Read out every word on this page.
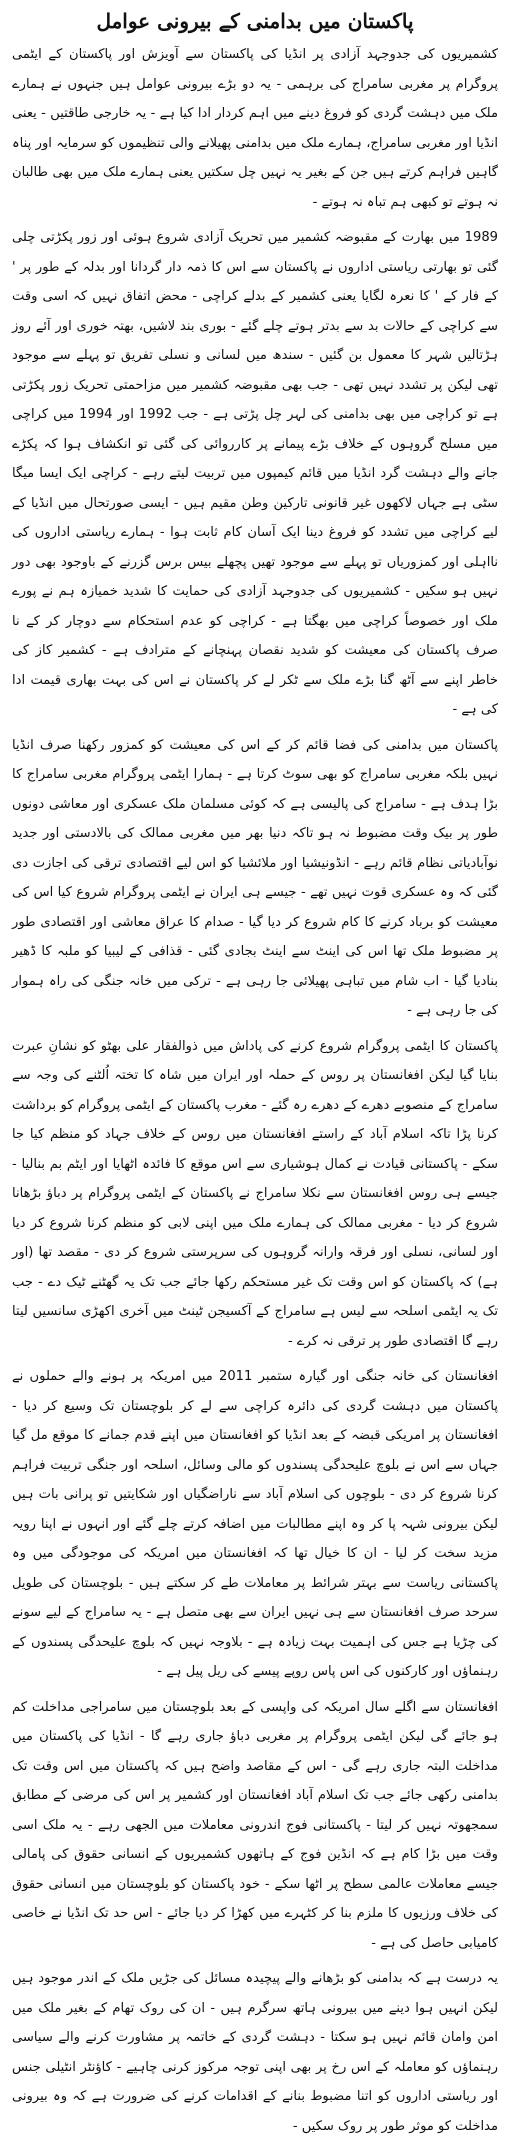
پاکستان میں بدامنی کے بیرونی عوامل

کشمیریوں کی جدوجہد آزادی پر انڈیا کی پاکستان سے آویزش اور پاکستان کے ایٹمی پروگرام پر مغربی سامراج کی برہمی - یہ دو بڑے بیرونی عوامل ہیں جنہوں نے ہمارے ملک میں دہشت گردی کو فروغ دینے میں اہم کردار ادا کیا ہے - یہ خارجی طاقتیں - یعنی انڈیا اور مغربی سامراج، ہمارے ملک میں بدامنی پھیلانے والی تنظیموں کو سرمایہ اور پناہ گاہیں فراہم کرتے ہیں جن کے بغیر یہ نہیں چل سکتیں یعنی ہمارے ملک میں بھی طالبان نہ ہوتے تو کبھی ہم تباہ نہ ہوتے -

1989 میں بھارت کے مقبوضہ کشمیر میں تحریک آزادی شروع ہوئی اور زور پکڑتی چلی گئی تو بھارتی ریاستی اداروں نے پاکستان سے اس کا ذمہ دار گردانا اور بدلہ کے طور پر ' کے فار کے ' کا نعرہ لگایا یعنی کشمیر کے بدلے کراچی - محض اتفاق نہیں کہ اسی وقت سے کراچی کے حالات بد سے بدتر ہوتے چلے گئے - بوری بند لاشیں، بھتہ خوری اور آئے روز ہڑتالیں شہر کا معمول بن گئیں - سندھ میں لسانی و نسلی تفریق تو پہلے سے موجود تھی لیکن پر تشدد نہیں تھی - جب بھی مقبوضہ کشمیر میں مزاحمتی تحریک زور پکڑتی ہے تو کراچی میں بھی بدامنی کی لہر چل پڑتی ہے - جب 1992 اور 1994 میں کراچی میں مسلح گروہوں کے خلاف بڑے پیمانے پر کارروائی کی گئی تو انکشاف ہوا کہ پکڑے جانے والے دہشت گرد انڈیا میں قائم کیمپوں میں تربیت لیتے رہے - کراچی ایک ایسا میگا سٹی ہے جہاں لاکھوں غیر قانونی تارکین وطن مقیم ہیں - ایسی صورتحال میں انڈیا کے لیے کراچی میں تشدد کو فروغ دینا ایک آسان کام ثابت ہوا - ہمارے ریاستی اداروں کی نااہلی اور کمزوریاں تو پہلے سے موجود تھیں پچھلے بیس برس گزرنے کے باوجود بھی دور نہیں ہو سکیں - کشمیریوں کی جدوجہد آزادی کی حمایت کا شدید خمیازہ ہم نے پورے ملک اور خصوصاً کراچی میں بھگتا ہے - کراچی کو عدم استحکام سے دوچار کر کے نا صرف پاکستان کی معیشت کو شدید نقصان پہنچانے کے مترادف ہے - کشمیر کاز کی خاطر اپنے سے آٹھ گنا بڑے ملک سے ٹکر لے کر پاکستان نے اس کی بہت بھاری قیمت ادا کی ہے -

پاکستان میں بدامنی کی فضا قائم کر کے اس کی معیشت کو کمزور رکھنا صرف انڈیا نہیں بلکہ مغربی سامراج کو بھی سوٹ کرتا ہے - ہمارا ایٹمی پروگرام مغربی سامراج کا بڑا ہدف ہے - سامراج کی پالیسی ہے کہ کوئی مسلمان ملک عسکری اور معاشی دونوں طور پر بیک وقت مضبوط نہ ہو تاکہ دنیا بھر میں مغربی ممالک کی بالادستی اور جدید نوآبادیاتی نظام قائم رہے - انڈونیشیا اور ملائشیا کو اس لیے اقتصادی ترقی کی اجازت دی گئی کہ وہ عسکری قوت نہیں تھے - جیسے ہی ایران نے ایٹمی پروگرام شروع کیا اس کی معیشت کو برباد کرنے کا کام شروع کر دیا گیا - صدام کا عراق معاشی اور اقتصادی طور پر مضبوط ملک تھا اس کی اینٹ سے اینٹ بجادی گئی - قذافی کے لیبیا کو ملبہ کا ڈھیر بنادیا گیا - اب شام میں تباہی پھیلائی جا رہی ہے - ترکی میں خانہ جنگی کی راہ ہموار کی جا رہی ہے -

پاکستان کا ایٹمی پروگرام شروع کرنے کی پاداش میں ذوالفقار علی بھٹو کو نشانِ عبرت بنایا گیا لیکن افغانستان پر روس کے حملہ اور ایران میں شاہ کا تختہ اُلٹنے کی وجہ سے سامراج کے منصوبے دھرے کے دھرے رہ گئے - مغرب پاکستان کے ایٹمی پروگرام کو برداشت کرنا پڑا تاکہ اسلام آباد کے راستے افغانستان میں روس کے خلاف جہاد کو منظم کیا جا سکے - پاکستانی قیادت نے کمال ہوشیاری سے اس موقع کا فائدہ اٹھایا اور ایٹم بم بنالیا - جیسے ہی روس افغانستان سے نکلا سامراج نے پاکستان کے ایٹمی پروگرام پر دباؤ بڑھانا شروع کر دیا - مغربی ممالک کی ہمارے ملک میں اپنی لابی کو منظم کرنا شروع کر دیا اور لسانی، نسلی اور فرقہ وارانہ گروہوں کی سرپرستی شروع کر دی - مقصد تھا (اور ہے) کہ پاکستان کو اس وقت تک غیر مستحکم رکھا جائے جب تک یہ گھٹنے ٹیک دے - جب تک یہ ایٹمی اسلحہ سے لیس ہے سامراج کے آکسیجن ٹینٹ میں آخری اکھڑی سانسیں لیتا رہے گا اقتصادی طور پر ترقی نہ کرے -

افغانستان کی خانہ جنگی اور گیارہ ستمبر 2011 میں امریکہ پر ہونے والے حملوں نے پاکستان میں دہشت گردی کی دائرہ کراچی سے لے کر بلوچستان تک وسیع کر دیا - افغانستان پر امریکی قبضہ کے بعد انڈیا کو افغانستان میں اپنے قدم جمانے کا موقع مل گیا جہاں سے اس نے بلوچ علیحدگی پسندوں کو مالی وسائل، اسلحہ اور جنگی تربیت فراہم کرنا شروع کر دی - بلوچوں کی اسلام آباد سے ناراضگیاں اور شکایتیں تو پرانی بات ہیں لیکن بیرونی شہہ پا کر وہ اپنے مطالبات میں اضافہ کرتے چلے گئے اور انہوں نے اپنا رویہ مزید سخت کر لیا - ان کا خیال تھا کہ افغانستان میں امریکہ کی موجودگی میں وہ پاکستانی ریاست سے بہتر شرائط پر معاملات طے کر سکتے ہیں - بلوچستان کی طویل سرحد صرف افغانستان سے ہی نہیں ایران سے بھی متصل ہے - یہ سامراج کے لیے سونے کی چڑیا ہے جس کی اہمیت بہت زیادہ ہے - بلاوجہ نہیں کہ بلوچ علیحدگی پسندوں کے رہنماؤں اور کارکنوں کی اس پاس روپے پیسے کی ریل پیل ہے -

افغانستان سے اگلے سال امریکہ کی واپسی کے بعد بلوچستان میں سامراجی مداخلت کم ہو جائے گی لیکن ایٹمی پروگرام پر مغربی دباؤ جاری رہے گا - انڈیا کی پاکستان میں مداخلت البتہ جاری رہے گی - اس کے مقاصد واضح ہیں کہ پاکستان میں اس وقت تک بدامنی رکھی جائے جب تک اسلام آباد افغانستان اور کشمیر پر اس کی مرضی کے مطابق سمجھوتہ نہیں کر لیتا - پاکستانی فوج اندرونی معاملات میں الجھی رہے - یہ ملک اسی وقت میں بڑا کام ہے کہ انڈین فوج کے ہاتھوں کشمیریوں کے انسانی حقوق کی پامالی جیسے معاملات عالمی سطح پر اٹھا سکے - خود پاکستان کو بلوچستان میں انسانی حقوق کی خلاف ورزیوں کا ملزم بنا کر کٹہرے میں کھڑا کر دیا جائے - اس حد تک انڈیا نے خاصی کامیابی حاصل کی ہے -

یہ درست ہے کہ بدامنی کو بڑھانے والے پیچیدہ مسائل کی جڑیں ملک کے اندر موجود ہیں لیکن انہیں ہوا دینے میں بیرونی ہاتھ سرگرم ہیں - ان کی روک تھام کے بغیر ملک میں امن وامان قائم نہیں ہو سکتا - دہشت گردی کے خاتمہ پر مشاورت کرنے والے سیاسی رہنماؤں کو معاملہ کے اس رخ پر بھی اپنی توجہ مرکوز کرنی چاہیے - کاؤنٹر انٹیلی جنس اور ریاستی اداروں کو اتنا مضبوط بنانے کے اقدامات کرنے کی ضرورت ہے کہ وہ بیرونی مداخلت کو موثر طور پر روک سکیں -
